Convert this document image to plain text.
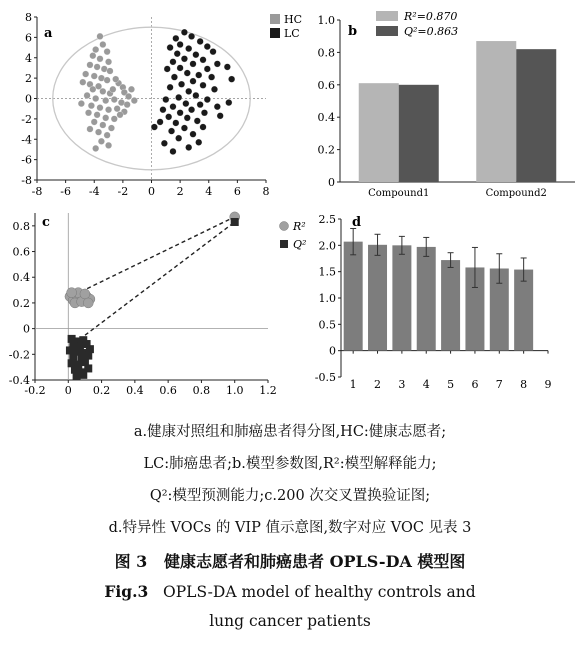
-8 -6 -4 -2 0 2 4 6 8
8
6
4
2
0
-2
-4
-6
-8
a
HC
LC
0
0.2
0.4
0.6
0.8
1.0
Compound1	Compound2
b
R²=0.870
Q²=0.863
-0.2 0 0.2 0.4 0.6 0.8 1.0 1.2
0.8
0.6
0.4
0.2
0
-0.2
-0.4
c	R²
Q²
2.5
2.0
1.5
1.0
0.5
0
-0.5
1 2 3 4 5 6 7 8 9
d
a.健康对照组和肺癌患者得分图,HC:健康志愿者;
LC:肺癌患者;b.模型参数图,R²:模型解释能力;
Q²:模型预测能力;c.200 次交叉置换验证图;
d.特异性 VOCs 的 VIP 值示意图,数字对应 VOC 见表 3
图 3 健康志愿者和肺癌患者 OPLS-DA 模型图
Fig.3 OPLS-DA model of healthy controls and
lung cancer patients
